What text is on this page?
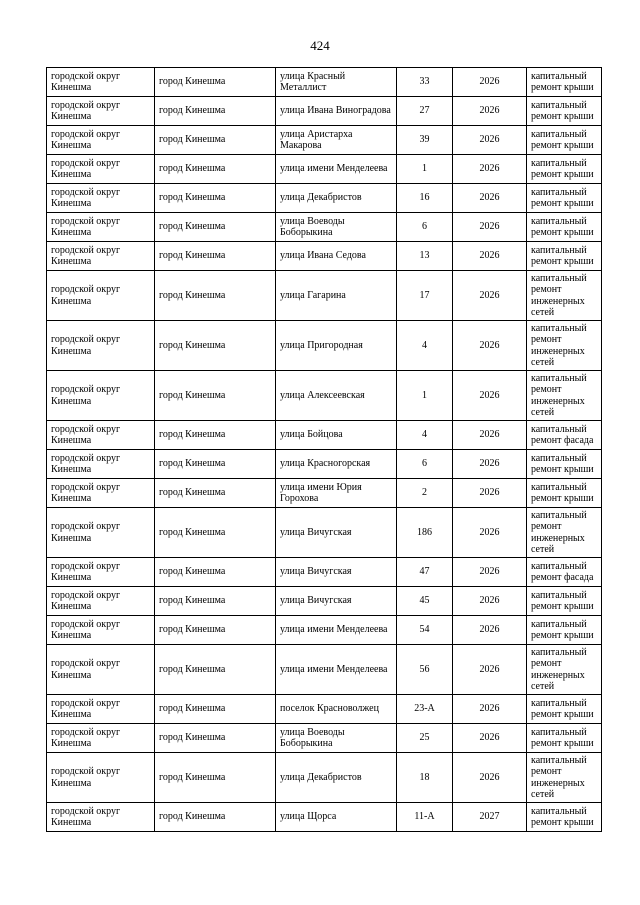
424
городской округ Кинешма	город Кинешма	улица Красный Металлист	33	2026	капитальный ремонт крыши
городской округ Кинешма	город Кинешма	улица Ивана Виноградова	27	2026	капитальный ремонт крыши
городской округ Кинешма	город Кинешма	улица Аристарха Макарова	39	2026	капитальный ремонт крыши
городской округ Кинешма	город Кинешма	улица имени Менделеева	1	2026	капитальный ремонт крыши
городской округ Кинешма	город Кинешма	улица Декабристов	16	2026	капитальный ремонт крыши
городской округ Кинешма	город Кинешма	улица Воеводы Боборыкина	6	2026	капитальный ремонт крыши
городской округ Кинешма	город Кинешма	улица Ивана Седова	13	2026	капитальный ремонт крыши
городской округ Кинешма	город Кинешма	улица Гагарина	17	2026	капитальный ремонт инженерных сетей
городской округ Кинешма	город Кинешма	улица Пригородная	4	2026	капитальный ремонт инженерных сетей
городской округ Кинешма	город Кинешма	улица Алексеевская	1	2026	капитальный ремонт инженерных сетей
городской округ Кинешма	город Кинешма	улица Бойцова	4	2026	капитальный ремонт фасада
городской округ Кинешма	город Кинешма	улица Красногорская	6	2026	капитальный ремонт крыши
городской округ Кинешма	город Кинешма	улица имени Юрия Горохова	2	2026	капитальный ремонт крыши
городской округ Кинешма	город Кинешма	улица Вичугская	186	2026	капитальный ремонт инженерных сетей
городской округ Кинешма	город Кинешма	улица Вичугская	47	2026	капитальный ремонт фасада
городской округ Кинешма	город Кинешма	улица Вичугская	45	2026	капитальный ремонт крыши
городской округ Кинешма	город Кинешма	улица имени Менделеева	54	2026	капитальный ремонт крыши
городской округ Кинешма	город Кинешма	улица имени Менделеева	56	2026	капитальный ремонт инженерных сетей
городской округ Кинешма	город Кинешма	поселок Красноволжец	23-А	2026	капитальный ремонт крыши
городской округ Кинешма	город Кинешма	улица Воеводы Боборыкина	25	2026	капитальный ремонт крыши
городской округ Кинешма	город Кинешма	улица Декабристов	18	2026	капитальный ремонт инженерных сетей
городской округ Кинешма	город Кинешма	улица Щорса	11-А	2027	капитальный ремонт крыши
